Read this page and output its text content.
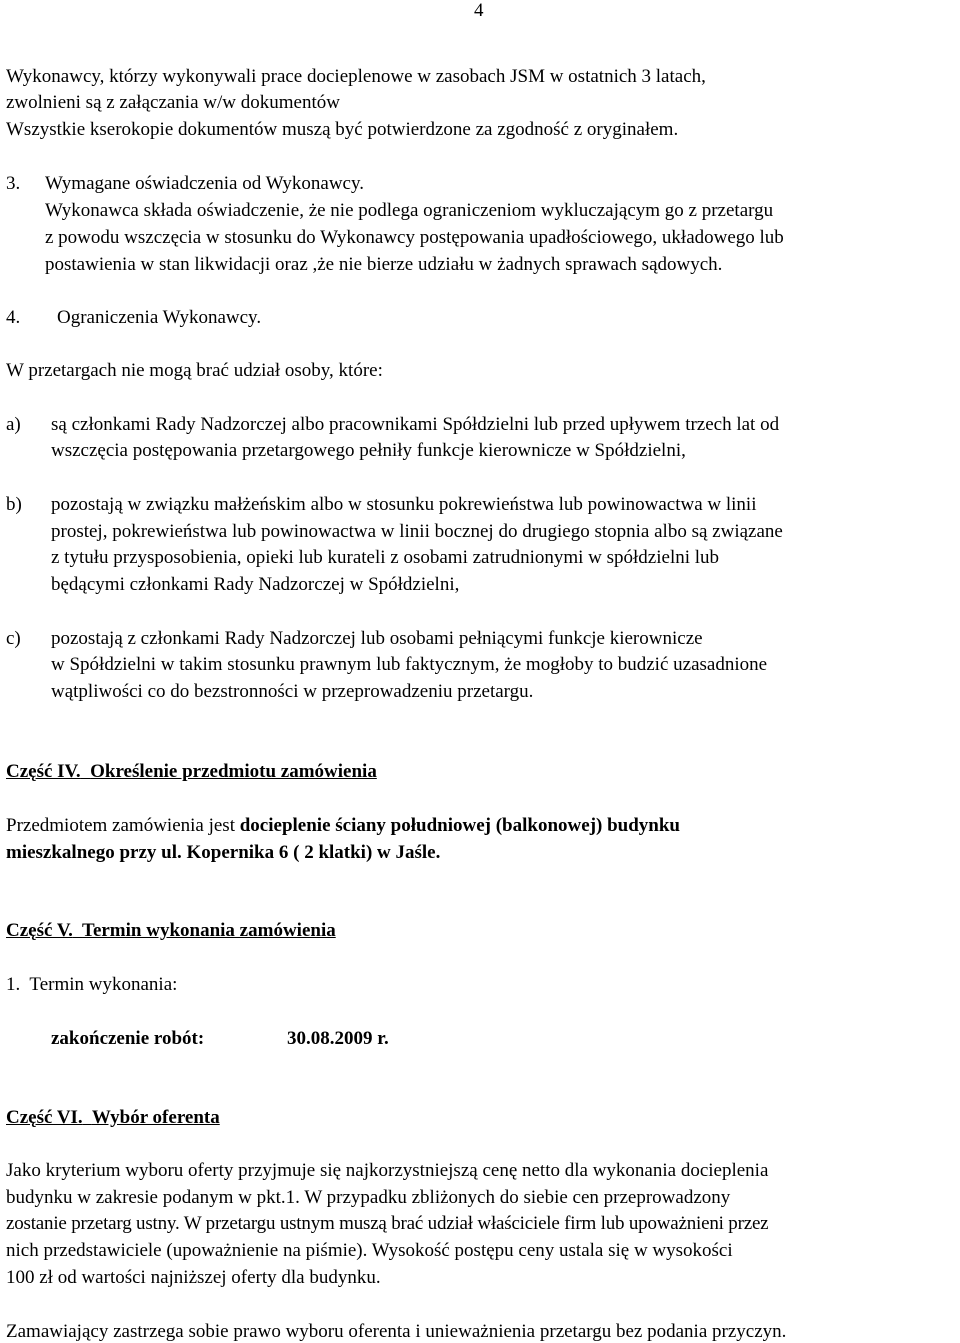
4
Wykonawcy, którzy wykonywali prace docieplenowe w zasobach JSM w ostatnich 3 latach,
zwolnieni są z załączania w/w dokumentów
Wszystkie kserokopie dokumentów muszą być potwierdzone za zgodność z oryginałem.
3. Wymagane oświadczenia od Wykonawcy.
Wykonawca składa oświadczenie, że nie podlega ograniczeniom wykluczającym go z przetargu
z powodu wszczęcia w stosunku do Wykonawcy postępowania upadłościowego, układowego lub
postawienia w stan likwidacji oraz ,że nie bierze udziału w żadnych sprawach sądowych.
4. Ograniczenia Wykonawcy.
W przetargach nie mogą brać udział osoby, które:
a) są członkami Rady Nadzorczej albo pracownikami Spółdzielni lub przed upływem trzech lat od
wszczęcia postępowania przetargowego pełniły funkcje kierownicze w Spółdzielni,
b) pozostają w związku małżeńskim albo w stosunku pokrewieństwa lub powinowactwa w linii
prostej, pokrewieństwa lub powinowactwa w linii bocznej do drugiego stopnia albo są związane
z tytułu przysposobienia, opieki lub kurateli z osobami zatrudnionymi w spółdzielni lub
będącymi członkami Rady Nadzorczej w Spółdzielni,
c) pozostają z członkami Rady Nadzorczej lub osobami pełniącymi funkcje kierownicze
w Spółdzielni w takim stosunku prawnym lub faktycznym, że mogłoby to budzić uzasadnione
wątpliwości co do bezstronności w przeprowadzeniu przetargu.
Część IV. Określenie przedmiotu zamówienia
Przedmiotem zamówienia jest docieplenie ściany południowej (balkonowej) budynku
mieszkalnego przy ul. Kopernika 6 ( 2 klatki) w Jaśle.
Część V. Termin wykonania zamówienia
1. Termin wykonania:
zakończenie robót:	30.08.2009 r.
Część VI. Wybór oferenta
Jako kryterium wyboru oferty przyjmuje się najkorzystniejszą cenę netto dla wykonania docieplenia
budynku w zakresie podanym w pkt.1. W przypadku zbliżonych do siebie cen przeprowadzony
zostanie przetarg ustny. W przetargu ustnym muszą brać udział właściciele firm lub upoważnieni przez
nich przedstawiciele (upoważnienie na piśmie). Wysokość postępu ceny ustala się w wysokości
100 zł od wartości najniższej oferty dla budynku.
Zamawiający zastrzega sobie prawo wyboru oferenta i unieważnienia przetargu bez podania przyczyn.
